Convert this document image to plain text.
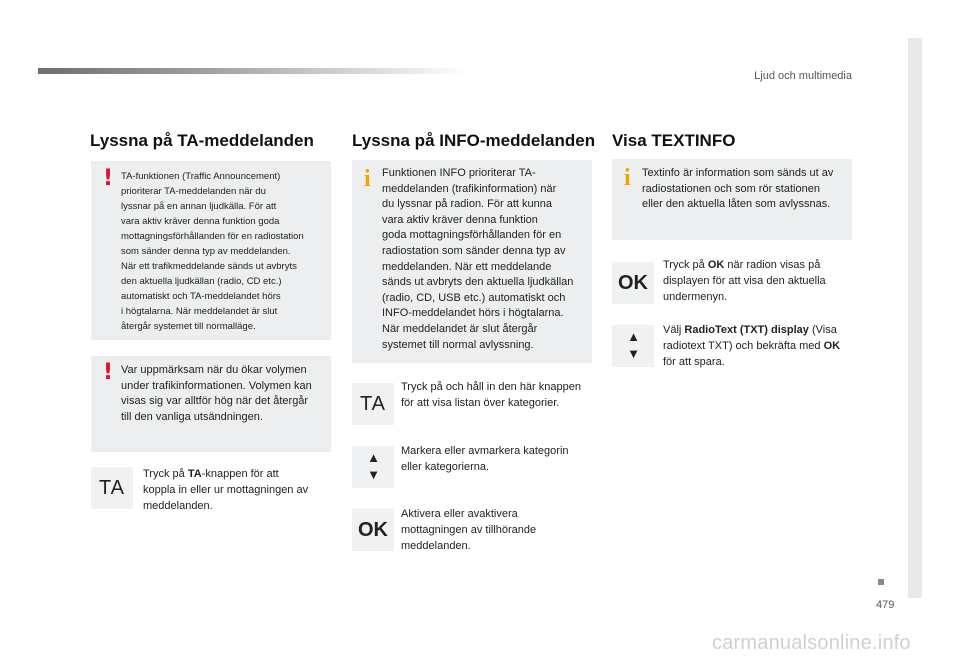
Ljud och multimedia
479
Lyssna på TA-meddelanden
! TA-funktionen (Traffic Announcement)
prioriterar TA-meddelanden när du
lyssnar på en annan ljudkälla. För att
vara aktiv kräver denna funktion goda
mottagningsförhållanden för en radiostation
som sänder denna typ av meddelanden.
När ett trafikmeddelande sänds ut avbryts
den aktuella ljudkällan (radio, CD etc.)
automatiskt och TA-meddelandet hörs
i högtalarna. När meddelandet är slut
återgår systemet till normalläge.
! Var uppmärksam när du ökar volymen
under trafikinformationen. Volymen kan
visas sig var alltför hög när det återgår
till den vanliga utsändningen.
TA
Tryck på TA-knappen för att
koppla in eller ur mottagningen av
meddelanden.
Lyssna på INFO-meddelanden
i Funktionen INFO prioriterar TA-
meddelanden (trafikinformation) när
du lyssnar på radion. För att kunna
vara aktiv kräver denna funktion
goda mottagningsförhållanden för en
radiostation som sänder denna typ av
meddelanden. När ett meddelande
sänds ut avbryts den aktuella ljudkällan
(radio, CD, USB etc.) automatiskt och
INFO-meddelandet hörs i högtalarna.
När meddelandet är slut återgår
systemet till normal avlyssning.
TA
Tryck på och håll in den här knappen
för att visa listan över kategorier.
▲▼ Markera eller avmarkera kategorin
eller kategorierna.
OK
Aktivera eller avaktivera
mottagningen av tillhörande
meddelanden.
Visa TEXTINFO
i Textinfo är information som sänds ut av
radiostationen och som rör stationen
eller den aktuella låten som avlyssnas.
OK
Tryck på OK när radion visas på
displayen för att visa den aktuella
undermenyn.
▲▼ Välj RadioText (TXT) display (Visa
radiotext TXT) och bekräfta med OK
för att spara.
carmanualsonline.info
